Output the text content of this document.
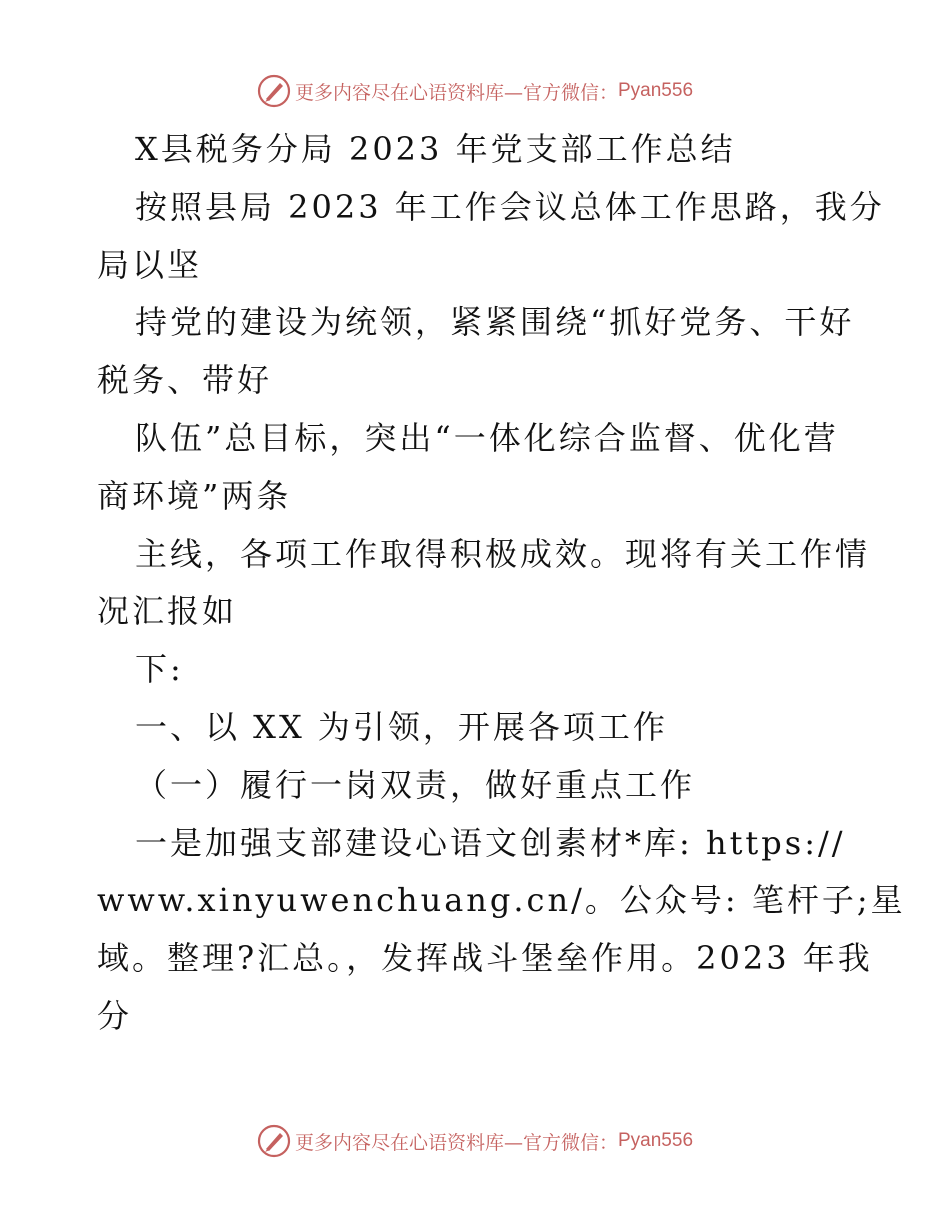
更多内容尽在心语资料库—官方微信： Pyan556
X县税务分局 2023 年党支部工作总结
按照县局 2023 年工作会议总体工作思路，我分
局以坚
持党的建设为统领，紧紧围绕“抓好党务、干好
税务、带好
队伍”总目标，突出“一体化综合监督、优化营
商环境”两条
主线，各项工作取得积极成效。现将有关工作情
况汇报如
下:
一、以 XX 为引领，开展各项工作
（一）履行一岗双责，做好重点工作
一是加强支部建设心语文创素材*库: https://
www.xinyuwenchuang.cn/。公众号: 笔杆子;星
域。整理?汇总。，发挥战斗堡垒作用。2023 年我
分
更多内容尽在心语资料库—官方微信： Pyan556
